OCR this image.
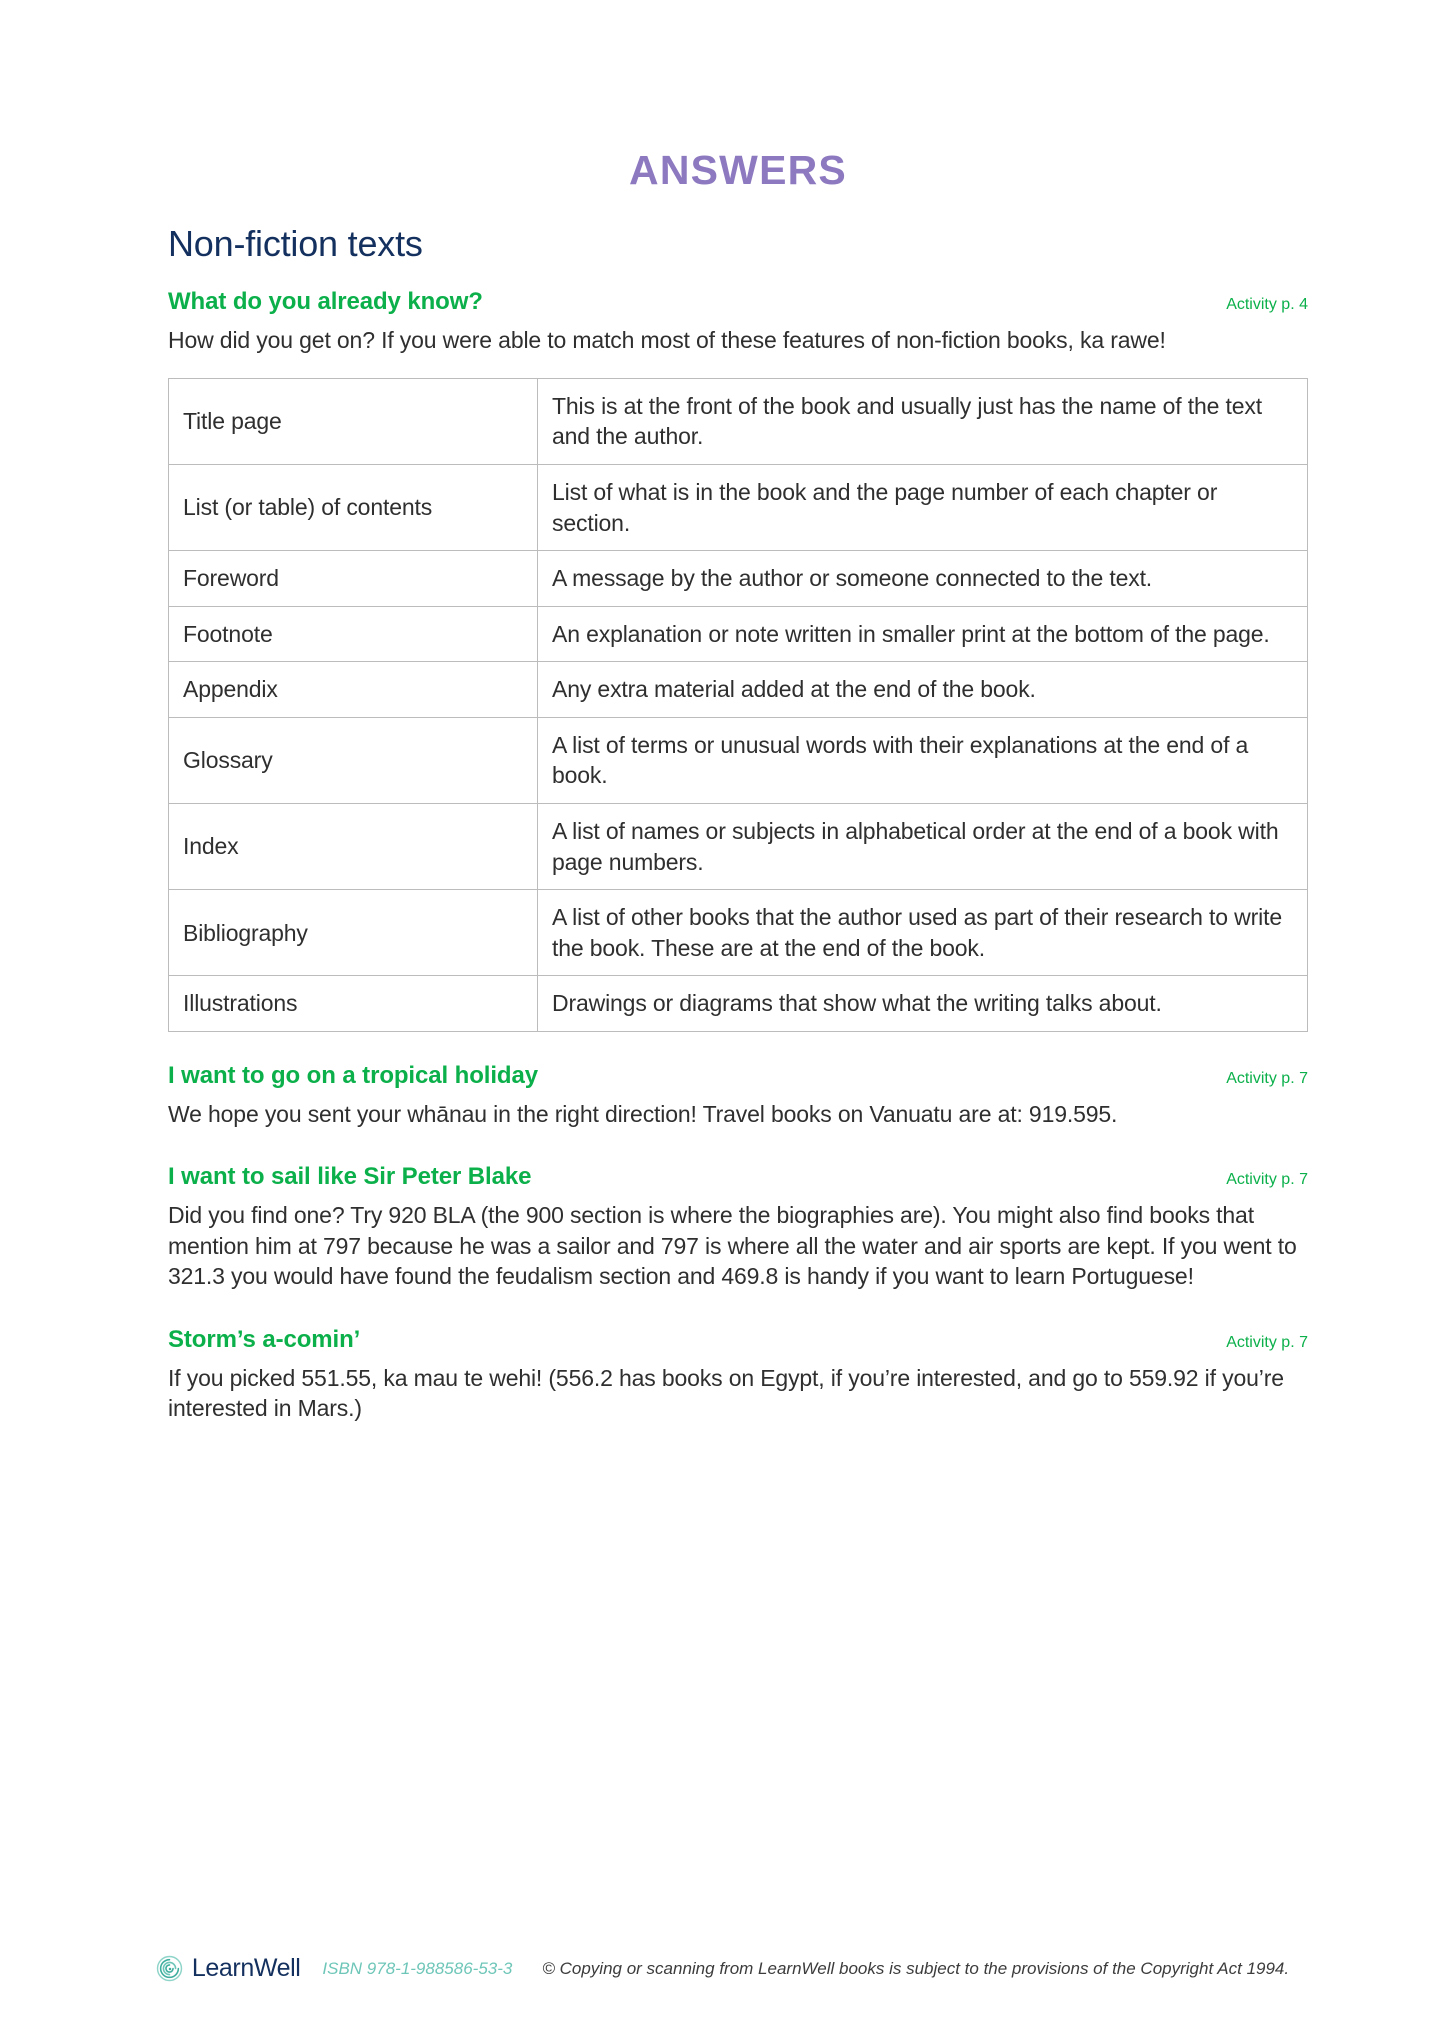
ANSWERS
Non-fiction texts
What do you already know?	Activity p. 4

How did you get on? If you were able to match most of these features of non-fiction books, ka rawe!

Title page	This is at the front of the book and usually just has the name of the text and the author.
List (or table) of contents	List of what is in the book and the page number of each chapter or section.
Foreword	A message by the author or someone connected to the text.
Footnote	An explanation or note written in smaller print at the bottom of the page.
Appendix	Any extra material added at the end of the book.
Glossary	A list of terms or unusual words with their explanations at the end of a book.
Index	A list of names or subjects in alphabetical order at the end of a book with page numbers.
Bibliography	A list of other books that the author used as part of their research to write the book. These are at the end of the book.
Illustrations	Drawings or diagrams that show what the writing talks about.
I want to go on a tropical holiday	Activity p. 7

We hope you sent your whānau in the right direction! Travel books on Vanuatu are at: 919.595.

I want to sail like Sir Peter Blake	Activity p. 7

Did you find one? Try 920 BLA (the 900 section is where the biographies are). You might also find books that mention him at 797 because he was a sailor and 797 is where all the water and air sports are kept. If you went to 321.3 you would have found the feudalism section and 469.8 is handy if you want to learn Portuguese!

Storm’s a-comin’	Activity p. 7

If you picked 551.55, ka mau te wehi! (556.2 has books on Egypt, if you’re interested, and go to 559.92 if you’re interested in Mars.)

LearnWell ISBN 978-1-988586-53-3 © Copying or scanning from LearnWell books is subject to the provisions of the Copyright Act 1994.
